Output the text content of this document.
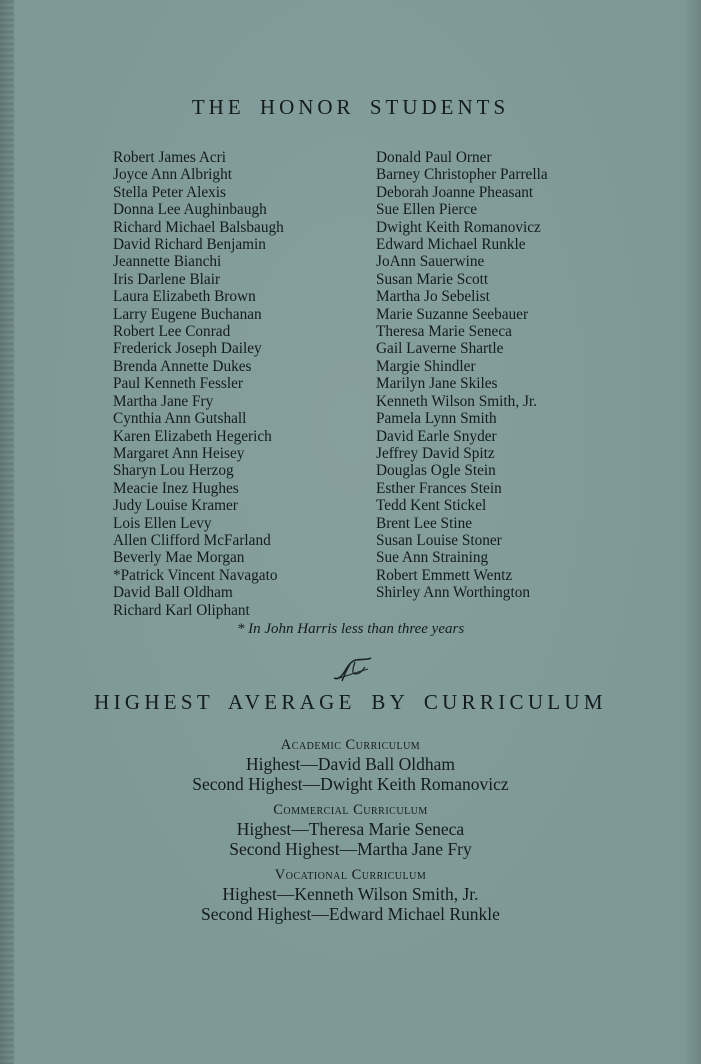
THE HONOR STUDENTS
Robert James Acri
Joyce Ann Albright
Stella Peter Alexis
Donna Lee Aughinbaugh
Richard Michael Balsbaugh
David Richard Benjamin
Jeannette Bianchi
Iris Darlene Blair
Laura Elizabeth Brown
Larry Eugene Buchanan
Robert Lee Conrad
Frederick Joseph Dailey
Brenda Annette Dukes
Paul Kenneth Fessler
Martha Jane Fry
Cynthia Ann Gutshall
Karen Elizabeth Hegerich
Margaret Ann Heisey
Sharyn Lou Herzog
Meacie Inez Hughes
Judy Louise Kramer
Lois Ellen Levy
Allen Clifford McFarland
Beverly Mae Morgan
*Patrick Vincent Navagato
David Ball Oldham
Richard Karl Oliphant
Donald Paul Orner
Barney Christopher Parrella
Deborah Joanne Pheasant
Sue Ellen Pierce
Dwight Keith Romanovicz
Edward Michael Runkle
JoAnn Sauerwine
Susan Marie Scott
Martha Jo Sebelist
Marie Suzanne Seebauer
Theresa Marie Seneca
Gail Laverne Shartle
Margie Shindler
Marilyn Jane Skiles
Kenneth Wilson Smith, Jr.
Pamela Lynn Smith
David Earle Snyder
Jeffrey David Spitz
Douglas Ogle Stein
Esther Frances Stein
Tedd Kent Stickel
Brent Lee Stine
Susan Louise Stoner
Sue Ann Straining
Robert Emmett Wentz
Shirley Ann Worthington
* In John Harris less than three years
HIGHEST AVERAGE BY CURRICULUM
Academic Curriculum
Highest—David Ball Oldham
Second Highest—Dwight Keith Romanovicz
Commercial Curriculum
Highest—Theresa Marie Seneca
Second Highest—Martha Jane Fry
Vocational Curriculum
Highest—Kenneth Wilson Smith, Jr.
Second Highest—Edward Michael Runkle
